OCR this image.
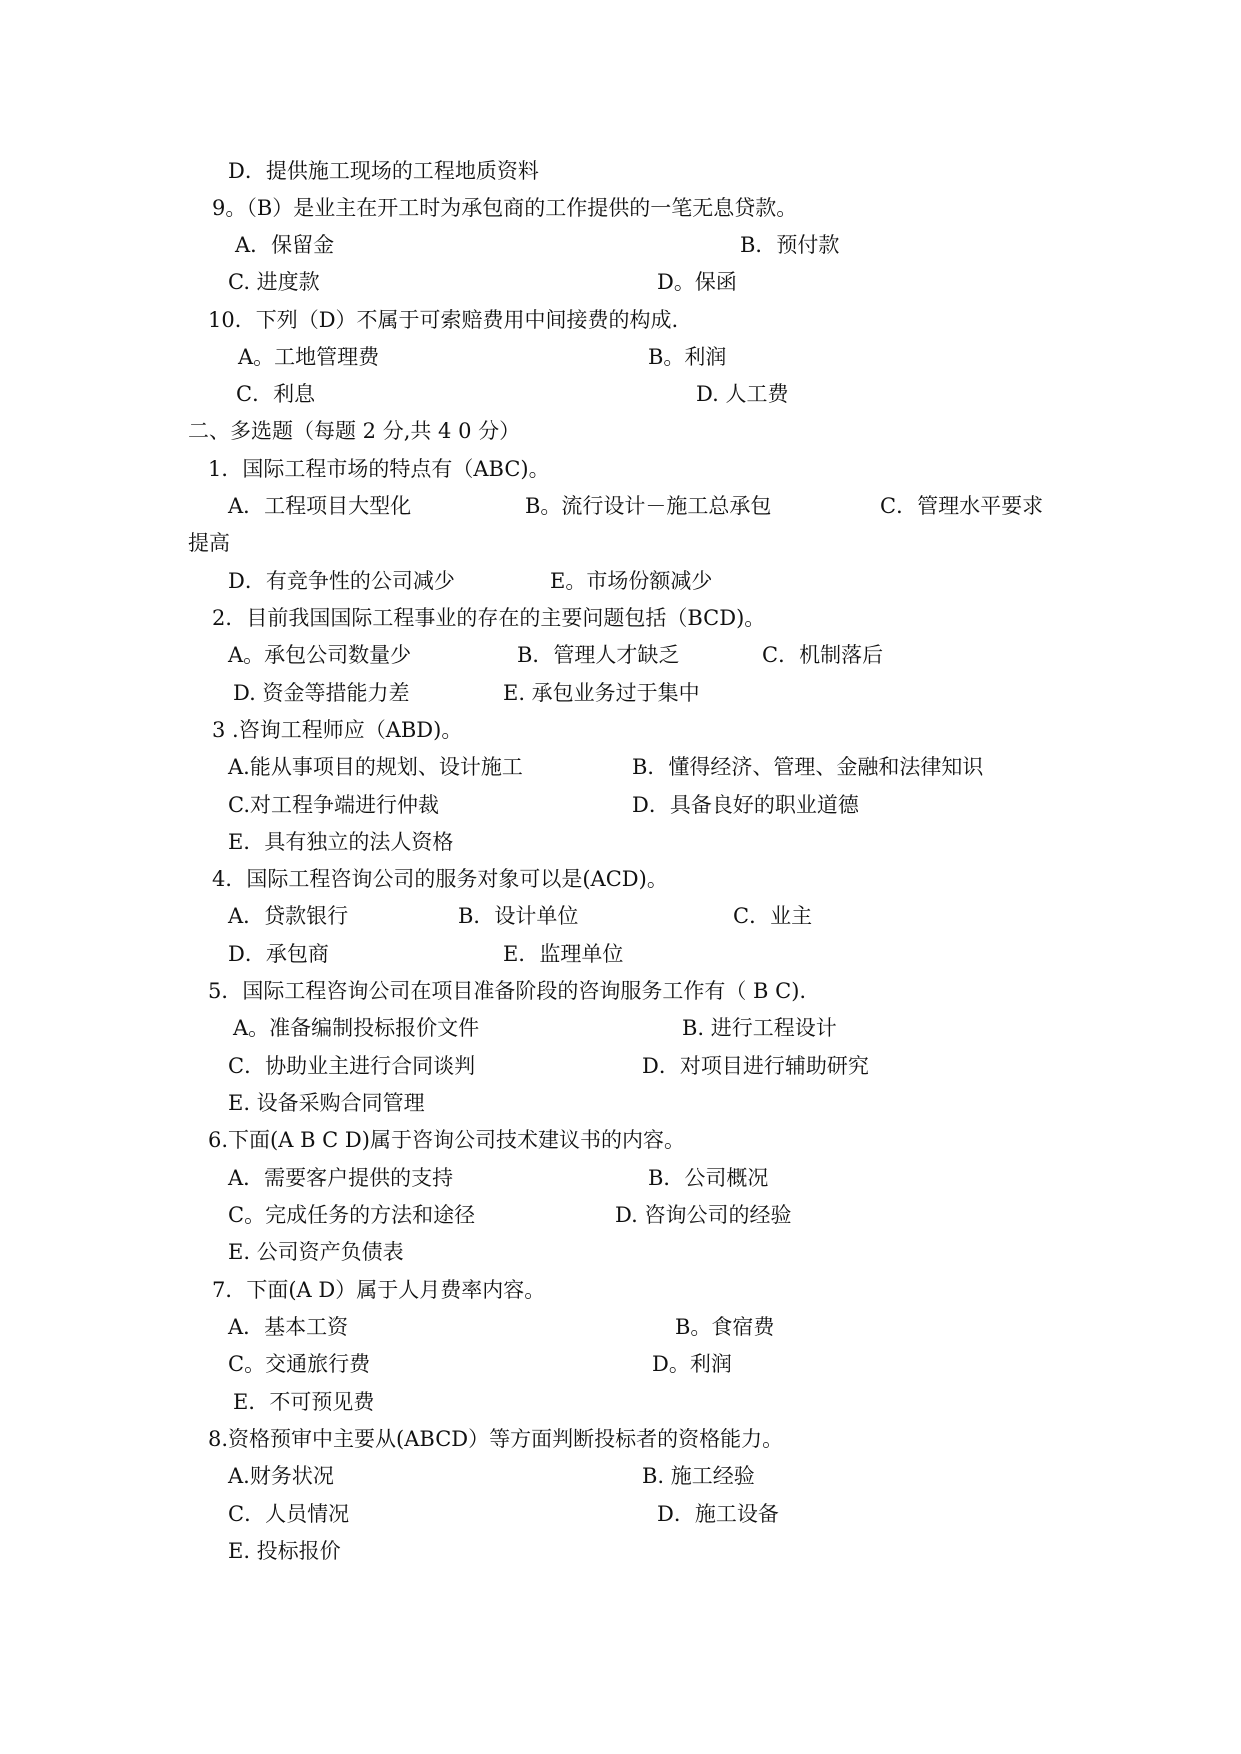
D．提供施工现场的工程地质资料
9。（B）是业主在开工时为承包商的工作提供的一笔无息贷款。
A．保留金	B．预付款
C. 进度款	D。保函
10．下列（D）不属于可索赔费用中间接费的构成.
A。工地管理费	B。利润
C．利息	D. 人工费
二、多选题（每题 2 分,共 4 0 分）
1．国际工程市场的特点有（ABC)。
A．工程项目大型化	B。流行设计－施工总承包	C．管理水平要求
提高
D．有竞争性的公司减少	E。市场份额减少
2．目前我国国际工程事业的存在的主要问题包括（BCD)。
A。承包公司数量少	B．管理人才缺乏	C．机制落后
D. 资金等措能力差	E. 承包业务过于集中
3 .咨询工程师应（ABD)。
A.能从事项目的规划、设计施工	B．懂得经济、管理、金融和法律知识
C.对工程争端进行仲裁	D．具备良好的职业道德
E．具有独立的法人资格
4．国际工程咨询公司的服务对象可以是(ACD)。
A．贷款银行	B．设计单位	C．业主
D．承包商	E．监理单位
5．国际工程咨询公司在项目准备阶段的咨询服务工作有（ B C).
A。准备编制投标报价文件	B. 进行工程设计
C．协助业主进行合同谈判	D．对项目进行辅助研究
E. 设备采购合同管理
6.下面(A B C D)属于咨询公司技术建议书的内容。
A．需要客户提供的支持	B．公司概况
C。完成任务的方法和途径	D. 咨询公司的经验
E. 公司资产负债表
7．下面(A D）属于人月费率内容。
A．基本工资	B。食宿费
C。交通旅行费	D。利润
E．不可预见费
8.资格预审中主要从(ABCD）等方面判断投标者的资格能力。
A.财务状况	B. 施工经验
C．人员情况	D．施工设备
E. 投标报价
